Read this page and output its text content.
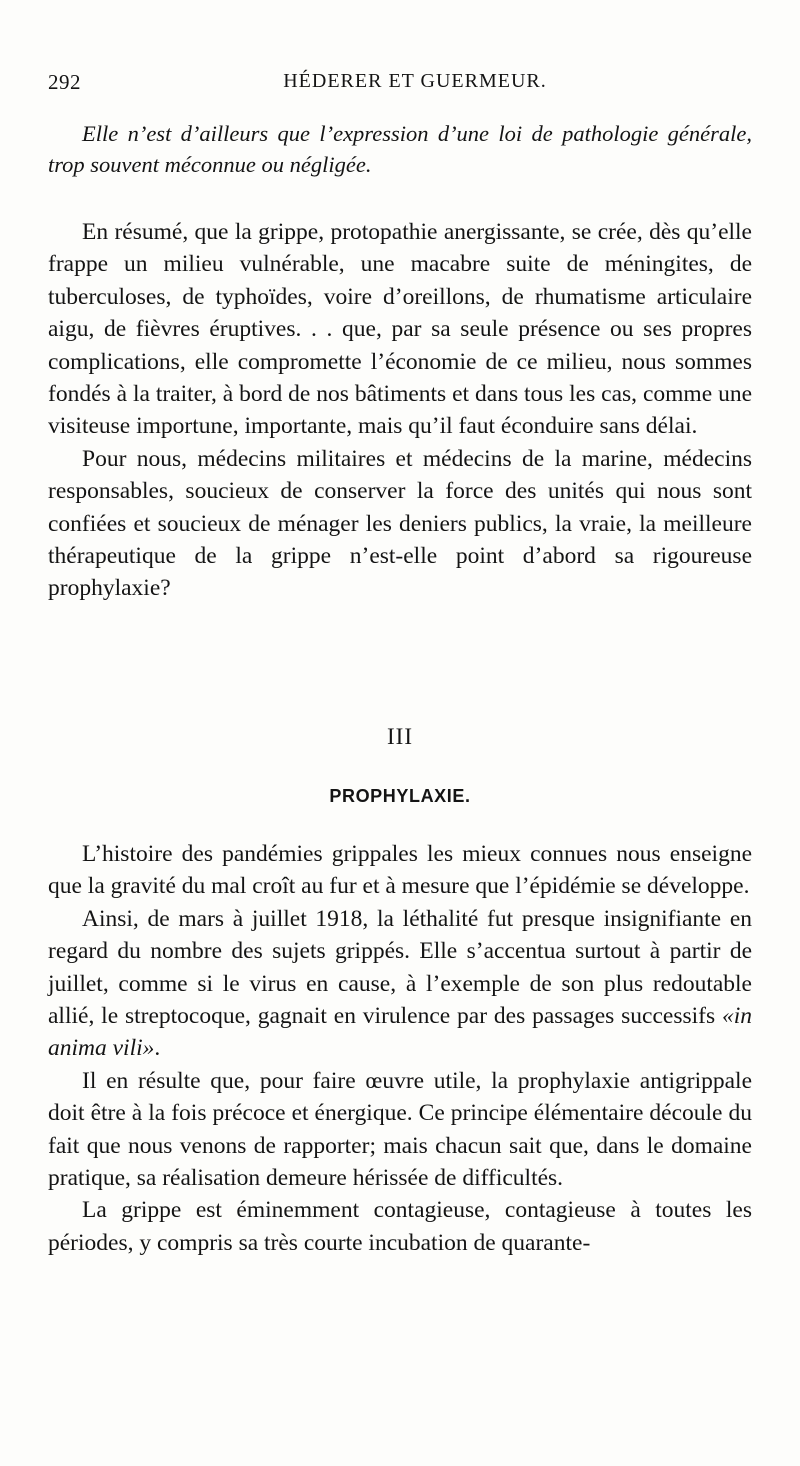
292	HÉDERER ET GUERMEUR.

Elle n’est d’ailleurs que l’expression d’une loi de pathologie générale, trop souvent méconnue ou négligée.

En résumé, que la grippe, protopathie anergissante, se crée, dès qu’elle frappe un milieu vulnérable, une macabre suite de méningites, de tuberculoses, de typhoïdes, voire d’oreillons, de rhumatisme articulaire aigu, de fièvres éruptives. . . que, par sa seule présence ou ses propres complications, elle compromette l’économie de ce milieu, nous sommes fondés à la traiter, à bord de nos bâtiments et dans tous les cas, comme une visiteuse importune, importante, mais qu’il faut éconduire sans délai.

Pour nous, médecins militaires et médecins de la marine, médecins responsables, soucieux de conserver la force des unités qui nous sont confiées et soucieux de ménager les deniers publics, la vraie, la meilleure thérapeutique de la grippe n’est-elle point d’abord sa rigoureuse prophylaxie?

III
PROPHYLAXIE.

L’histoire des pandémies grippales les mieux connues nous enseigne que la gravité du mal croît au fur et à mesure que l’épidémie se développe.

Ainsi, de mars à juillet 1918, la léthalité fut presque insignifiante en regard du nombre des sujets grippés. Elle s’accentua surtout à partir de juillet, comme si le virus en cause, à l’exemple de son plus redoutable allié, le streptocoque, gagnait en virulence par des passages successifs «in anima vili».

Il en résulte que, pour faire œuvre utile, la prophylaxie antigrippale doit être à la fois précoce et énergique. Ce principe élémentaire découle du fait que nous venons de rapporter; mais chacun sait que, dans le domaine pratique, sa réalisation demeure hérissée de difficultés.

La grippe est éminemment contagieuse, contagieuse à toutes les périodes, y compris sa très courte incubation de quarante-
